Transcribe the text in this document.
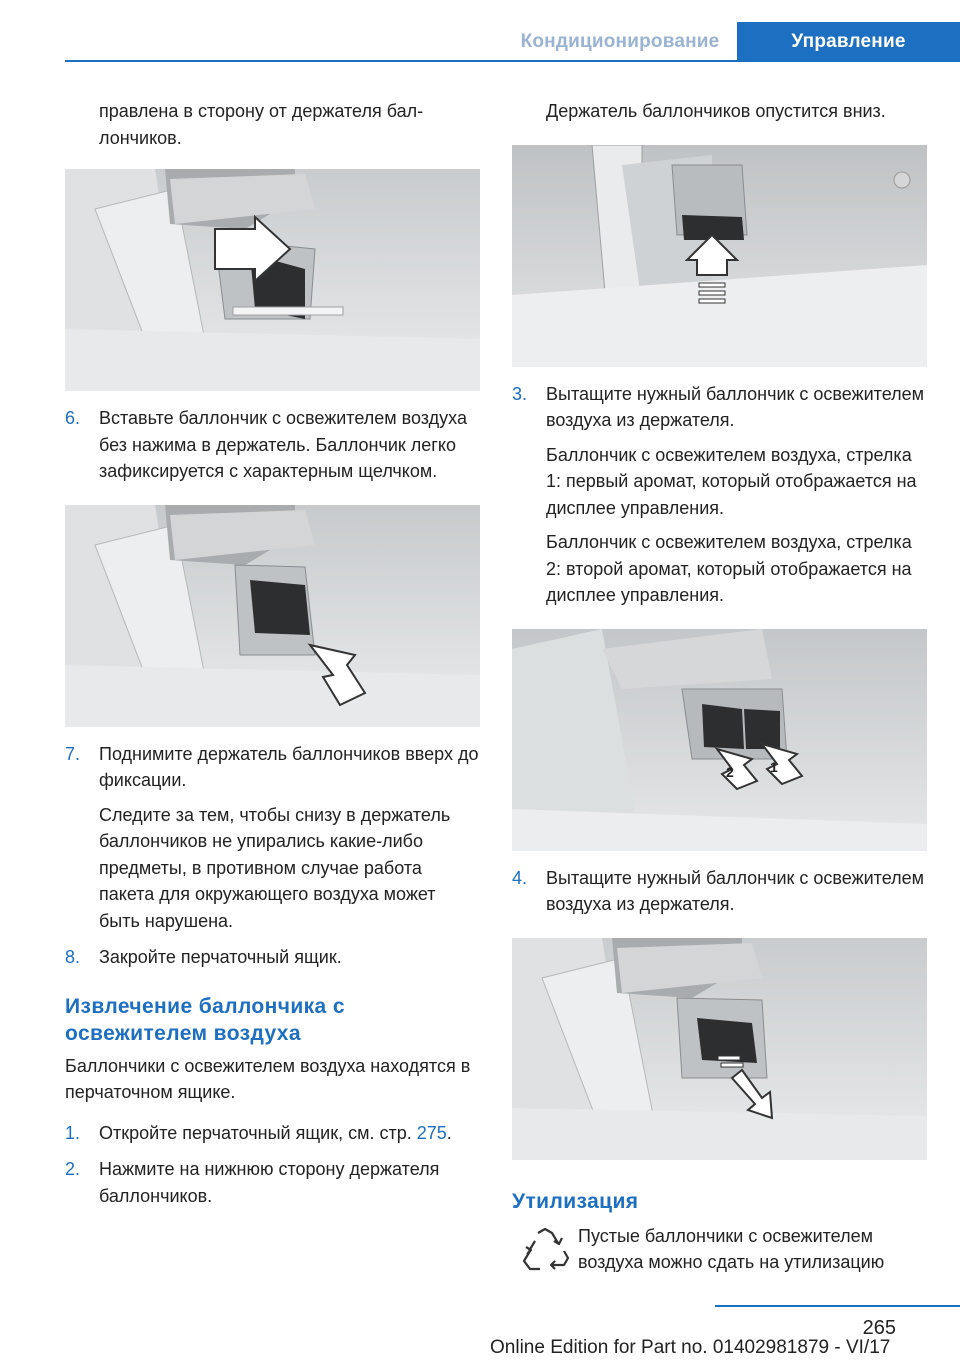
Кондиционирование	Управление

правлена в сторону от держателя баллончиков.

6.	Вставьте баллончик с освежителем воздуха без нажима в держатель. Баллончик легко зафиксируется с характерным щелчком.
7.	Поднимите держатель баллончиков вверх до фиксации.

Следите за тем, чтобы снизу в держатель баллончиков не упирались какие-либо предметы, в противном случае работа пакета для окружающего воздуха может быть нарушена.

8.	Закройте перчаточный ящик.
Извлечение баллончика с освежителем воздуха

Баллончики с освежителем воздуха находятся в перчаточном ящике.

1.	Откройте перчаточный ящик, см. стр. 275.
2.	Нажмите на нижнюю сторону держателя баллончиков.

Держатель баллончиков опустится вниз.

3.	Вытащите нужный баллончик с освежителем воздуха из держателя.

Баллончик с освежителем воздуха, стрелка 1: первый аромат, который отображается на дисплее управления.

Баллончик с освежителем воздуха, стрелка 2: второй аромат, который отображается на дисплее управления.

2	1
4.	Вытащите нужный баллончик с освежителем воздуха из держателя.
Утилизация

Пустые баллончики с освежителем воздуха можно сдать на утилизацию

265
Online Edition for Part no. 01402981879 - VI/17
